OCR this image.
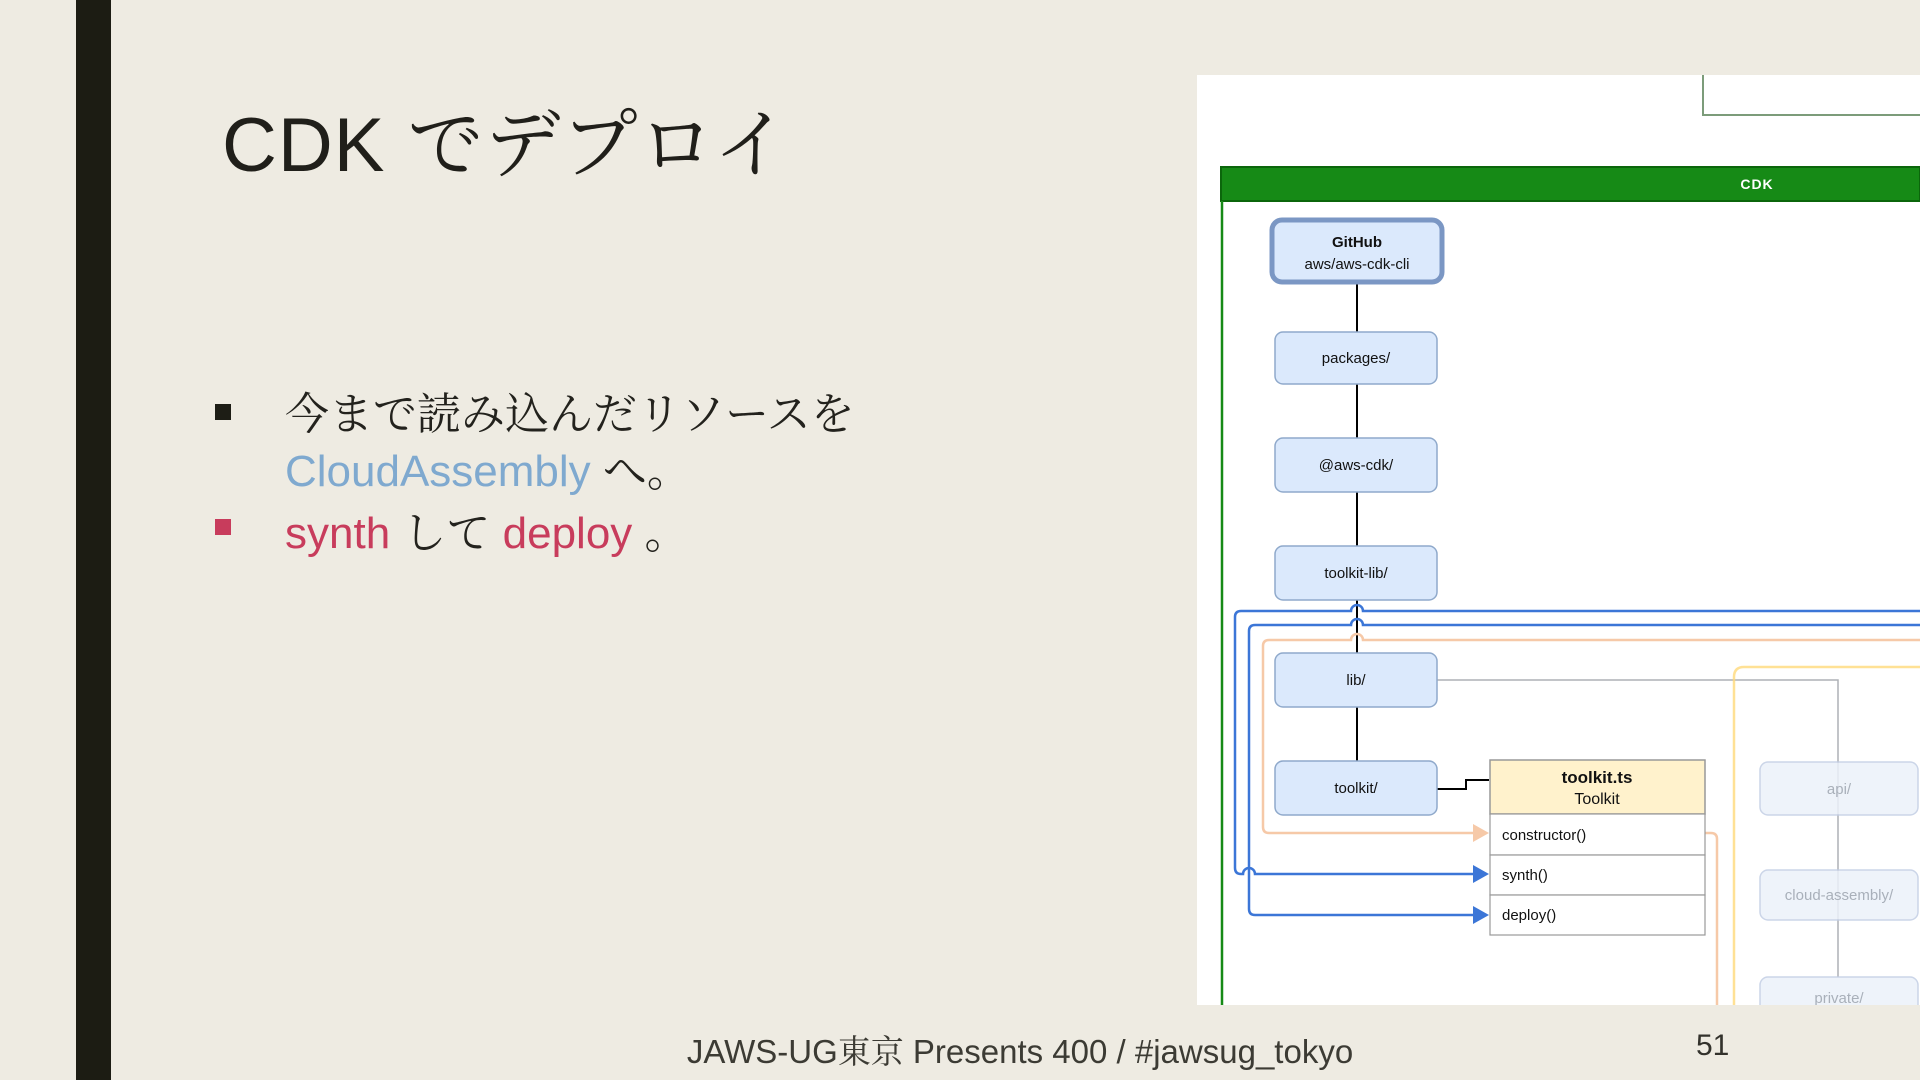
CDK でデプロイ
今まで読み込んだリソースを
CloudAssembly へ。
synth して deploy 。
JAWS-UG東京 Presents 400 / #jawsug_tokyo	51
CDK
GitHub
aws/aws-cdk-cli
packages/
@aws-cdk/
toolkit-lib/
lib/
toolkit/
toolkit.ts
Toolkit
constructor()
synth()
deploy()
api/
cloud-assembly/
private/
